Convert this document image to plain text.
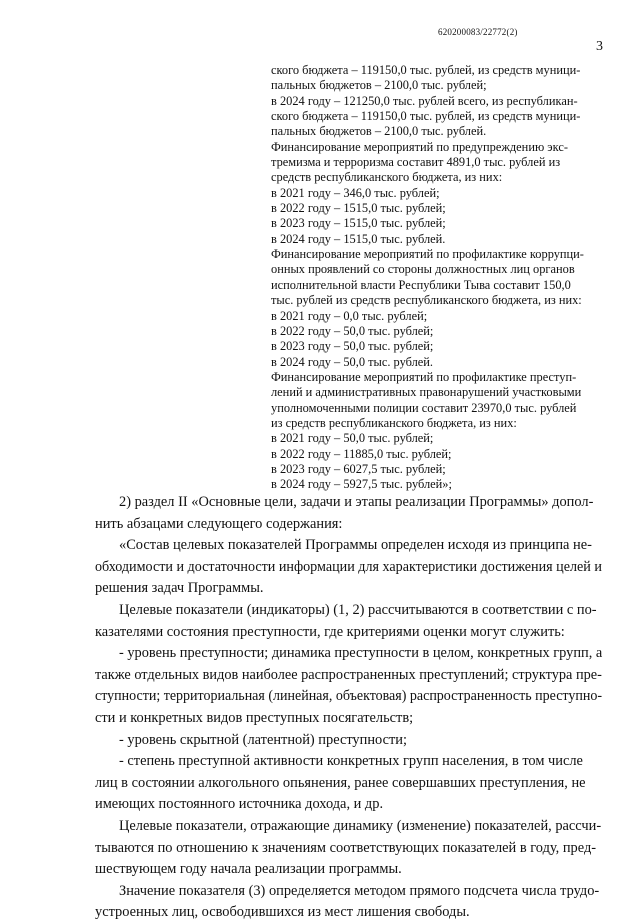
620200083/22772(2)
3
ского бюджета – 119150,0 тыс. рублей, из средств муници-
пальных бюджетов – 2100,0 тыс. рублей;
в 2024 году – 121250,0 тыс. рублей всего, из республикан-
ского бюджета – 119150,0 тыс. рублей, из средств муници-
пальных бюджетов – 2100,0 тыс. рублей.
Финансирование мероприятий по предупреждению экс-
тремизма и терроризма составит 4891,0 тыс. рублей из
средств республиканского бюджета, из них:
в 2021 году – 346,0 тыс. рублей;
в 2022 году – 1515,0 тыс. рублей;
в 2023 году – 1515,0 тыс. рублей;
в 2024 году – 1515,0 тыс. рублей.
Финансирование мероприятий по профилактике коррупци-
онных проявлений со стороны должностных лиц органов
исполнительной власти Республики Тыва составит 150,0
тыс. рублей из средств республиканского бюджета, из них:
в 2021 году – 0,0 тыс. рублей;
в 2022 году – 50,0 тыс. рублей;
в 2023 году – 50,0 тыс. рублей;
в 2024 году – 50,0 тыс. рублей.
Финансирование мероприятий по профилактике преступ-
лений и административных правонарушений участковыми
уполномоченными полиции составит 23970,0 тыс. рублей
из средств республиканского бюджета, из них:
в 2021 году – 50,0 тыс. рублей;
в 2022 году – 11885,0 тыс. рублей;
в 2023 году – 6027,5 тыс. рублей;
в 2024 году – 5927,5 тыс. рублей»;
2) раздел II «Основные цели, задачи и этапы реализации Программы» допол-
нить абзацами следующего содержания:
«Состав целевых показателей Программы определен исходя из принципа не-
обходимости и достаточности информации для характеристики достижения целей и
решения задач Программы.
Целевые показатели (индикаторы) (1, 2) рассчитываются в соответствии с по-
казателями состояния преступности, где критериями оценки могут служить:
- уровень преступности; динамика преступности в целом, конкретных групп, а
также отдельных видов наиболее распространенных преступлений; структура пре-
ступности; территориальная (линейная, объектовая) распространенность преступно-
сти и конкретных видов преступных посягательств;
- уровень скрытной (латентной) преступности;
- степень преступной активности конкретных групп населения, в том числе
лиц в состоянии алкогольного опьянения, ранее совершавших преступления, не
имеющих постоянного источника дохода, и др.
Целевые показатели, отражающие динамику (изменение) показателей, рассчи-
тываются по отношению к значениям соответствующих показателей в году, пред-
шествующем году начала реализации программы.
Значение показателя (3) определяется методом прямого подсчета числа трудо-
устроенных лиц, освободившихся из мест лишения свободы.
